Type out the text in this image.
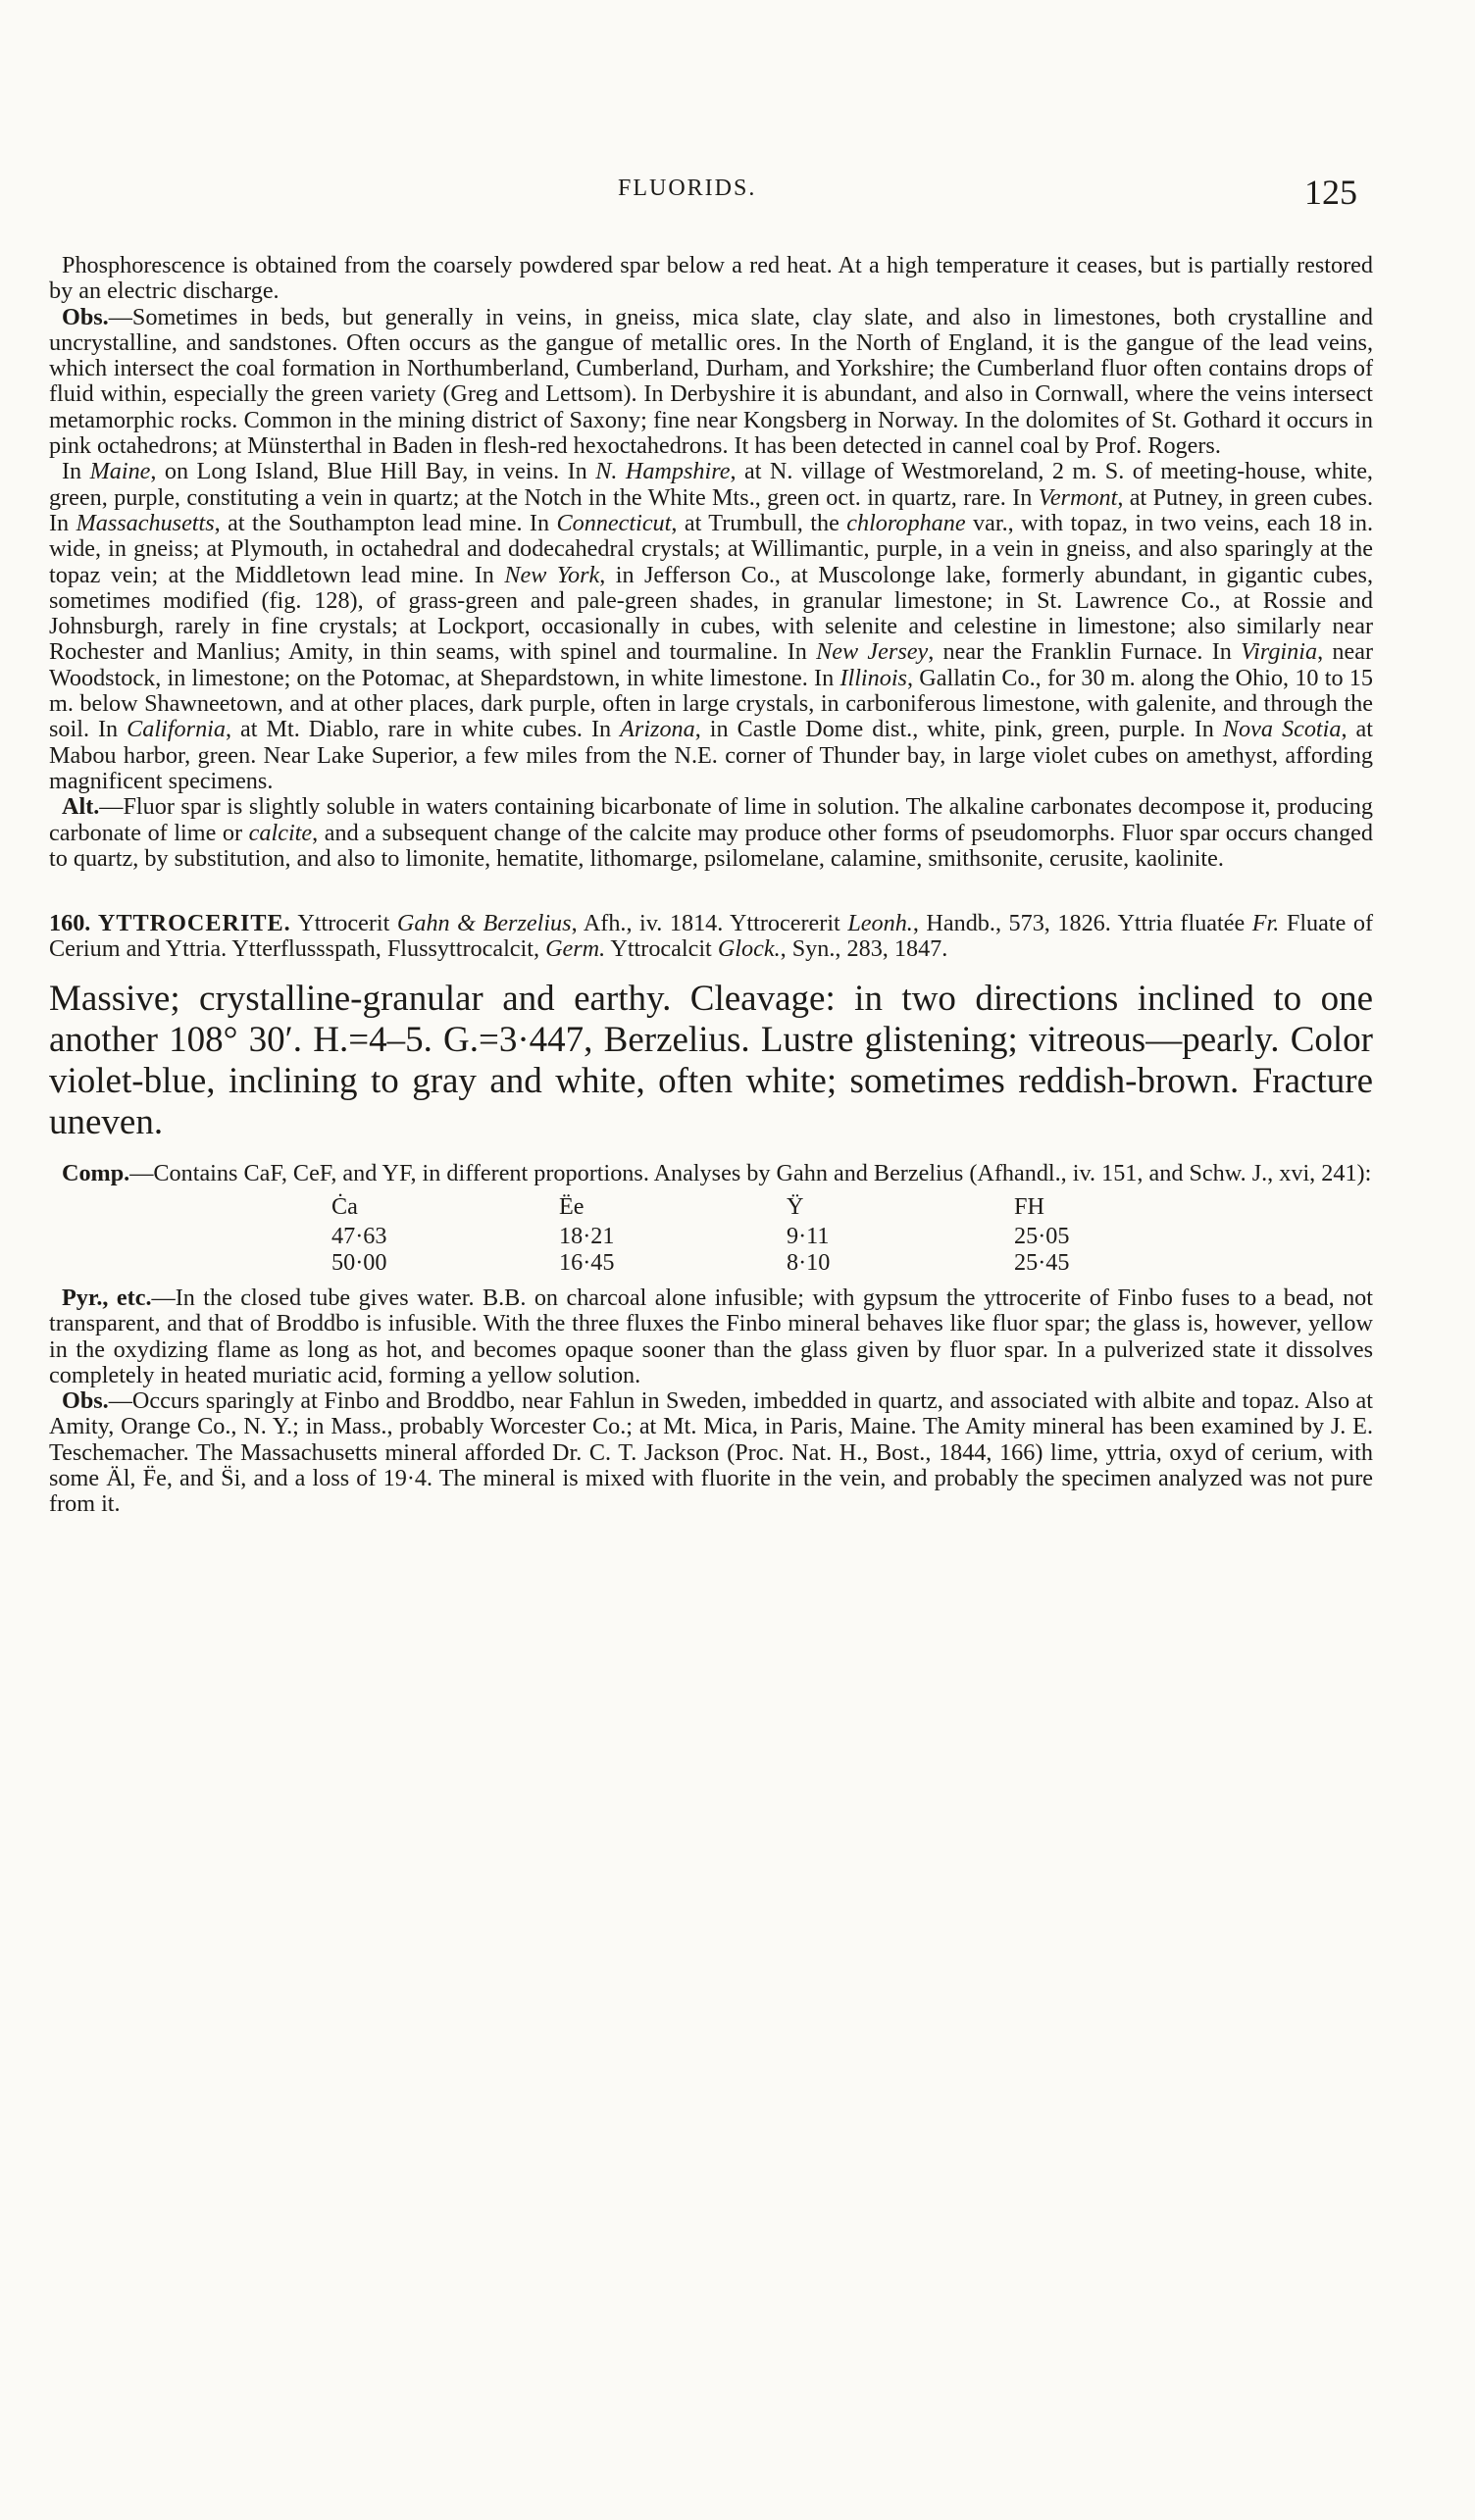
FLUORIDS.	125

Phosphorescence is obtained from the coarsely powdered spar below a red heat. At a high temperature it ceases, but is partially restored by an electric discharge.

Obs.—Sometimes in beds, but generally in veins, in gneiss, mica slate, clay slate, and also in limestones, both crystalline and uncrystalline, and sandstones. Often occurs as the gangue of metallic ores. In the North of England, it is the gangue of the lead veins, which intersect the coal formation in Northumberland, Cumberland, Durham, and Yorkshire; the Cumberland fluor often contains drops of fluid within, especially the green variety (Greg and Lettsom). In Derbyshire it is abundant, and also in Cornwall, where the veins intersect metamorphic rocks. Common in the mining district of Saxony; fine near Kongsberg in Norway. In the dolomites of St. Gothard it occurs in pink octahedrons; at Münsterthal in Baden in flesh-red hexoctahedrons. It has been detected in cannel coal by Prof. Rogers.

In Maine, on Long Island, Blue Hill Bay, in veins. In N. Hampshire, at N. village of Westmoreland, 2 m. S. of meeting-house, white, green, purple, constituting a vein in quartz; at the Notch in the White Mts., green oct. in quartz, rare. In Vermont, at Putney, in green cubes. In Massachusetts, at the Southampton lead mine. In Connecticut, at Trumbull, the chlorophane var., with topaz, in two veins, each 18 in. wide, in gneiss; at Plymouth, in octahedral and dodecahedral crystals; at Willimantic, purple, in a vein in gneiss, and also sparingly at the topaz vein; at the Middletown lead mine. In New York, in Jefferson Co., at Muscolonge lake, formerly abundant, in gigantic cubes, sometimes modified (fig. 128), of grass-green and pale-green shades, in granular limestone; in St. Lawrence Co., at Rossie and Johnsburgh, rarely in fine crystals; at Lockport, occasionally in cubes, with selenite and celestine in limestone; also similarly near Rochester and Manlius; Amity, in thin seams, with spinel and tourmaline. In New Jersey, near the Franklin Furnace. In Virginia, near Woodstock, in limestone; on the Potomac, at Shepardstown, in white limestone. In Illinois, Gallatin Co., for 30 m. along the Ohio, 10 to 15 m. below Shawneetown, and at other places, dark purple, often in large crystals, in carboniferous limestone, with galenite, and through the soil. In California, at Mt. Diablo, rare in white cubes. In Arizona, in Castle Dome dist., white, pink, green, purple. In Nova Scotia, at Mabou harbor, green. Near Lake Superior, a few miles from the N.E. corner of Thunder bay, in large violet cubes on amethyst, affording magnificent specimens.

Alt.—Fluor spar is slightly soluble in waters containing bicarbonate of lime in solution. The alkaline carbonates decompose it, producing carbonate of lime or calcite, and a subsequent change of the calcite may produce other forms of pseudomorphs. Fluor spar occurs changed to quartz, by substitution, and also to limonite, hematite, lithomarge, psilomelane, calamine, smithsonite, cerusite, kaolinite.

160. YTTROCERITE. Yttrocerit Gahn & Berzelius, Afh., iv. 1814. Yttrocererit Leonh., Handb., 573, 1826. Yttria fluatée Fr. Fluate of Cerium and Yttria. Ytterflussspath, Flussyttrocalcit, Germ. Yttrocalcit Glock., Syn., 283, 1847.

Massive; crystalline-granular and earthy. Cleavage: in two directions inclined to one another 108° 30′. H.=4–5. G.=3·447, Berzelius. Lustre glistening; vitreous—pearly. Color violet-blue, inclining to gray and white, often white; sometimes reddish-brown. Fracture uneven.

Comp.—Contains CaF, CeF, and YF, in different proportions. Analyses by Gahn and Berzelius (Afhandl., iv. 151, and Schw. J., xvi, 241):

Ċa	Ëe	Ÿ	FH
47·63	18·21	9·11	25·05
50·00	16·45	8·10	25·45

Pyr., etc.—In the closed tube gives water. B.B. on charcoal alone infusible; with gypsum the yttrocerite of Finbo fuses to a bead, not transparent, and that of Broddbo is infusible. With the three fluxes the Finbo mineral behaves like fluor spar; the glass is, however, yellow in the oxydizing flame as long as hot, and becomes opaque sooner than the glass given by fluor spar. In a pulverized state it dissolves completely in heated muriatic acid, forming a yellow solution.

Obs.—Occurs sparingly at Finbo and Broddbo, near Fahlun in Sweden, imbedded in quartz, and associated with albite and topaz. Also at Amity, Orange Co., N. Y.; in Mass., probably Worcester Co.; at Mt. Mica, in Paris, Maine. The Amity mineral has been examined by J. E. Teschemacher. The Massachusetts mineral afforded Dr. C. T. Jackson (Proc. Nat. H., Bost., 1844, 166) lime, yttria, oxyd of cerium, with some Äl, F̈e, and S̈i, and a loss of 19·4. The mineral is mixed with fluorite in the vein, and probably the specimen analyzed was not pure from it.
